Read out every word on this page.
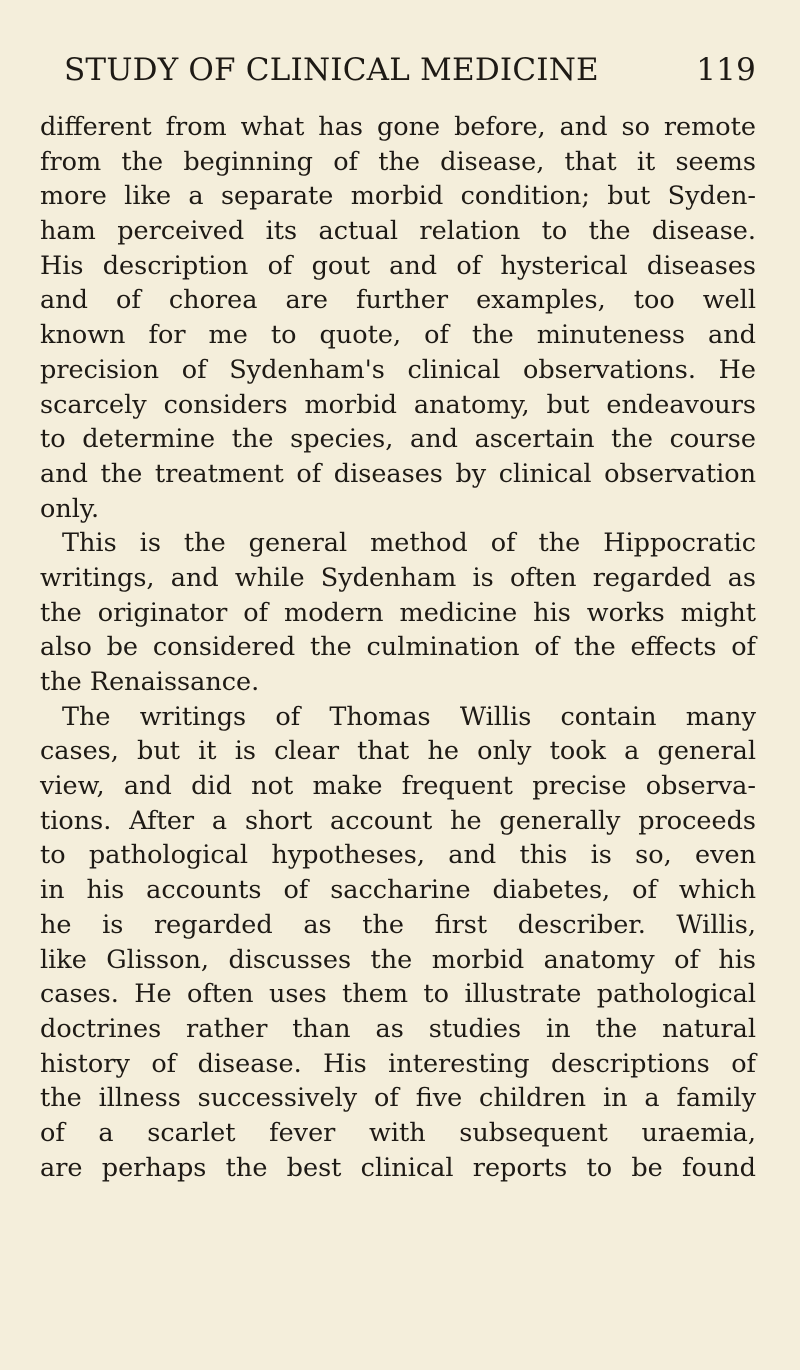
STUDY OF CLINICAL MEDICINE	119
different from what has gone before, and so remote
from the beginning of the disease, that it seems
more like a separate morbid condition; but Syden-
ham perceived its actual relation to the disease.
His description of gout and of hysterical diseases
and of chorea are further examples, too well
known for me to quote, of the minuteness and
precision of Sydenham's clinical observations. He
scarcely considers morbid anatomy, but endeavours
to determine the species, and ascertain the course
and the treatment of diseases by clinical observation
only.
This is the general method of the Hippocratic
writings, and while Sydenham is often regarded as
the originator of modern medicine his works might
also be considered the culmination of the effects of
the Renaissance.
The writings of Thomas Willis contain many
cases, but it is clear that he only took a general
view, and did not make frequent precise observa-
tions. After a short account he generally proceeds
to pathological hypotheses, and this is so, even
in his accounts of saccharine diabetes, of which
he is regarded as the first describer. Willis,
like Glisson, discusses the morbid anatomy of his
cases. He often uses them to illustrate pathological
doctrines rather than as studies in the natural
history of disease. His interesting descriptions of
the illness successively of five children in a family
of a scarlet fever with subsequent uraemia,
are perhaps the best clinical reports to be found
